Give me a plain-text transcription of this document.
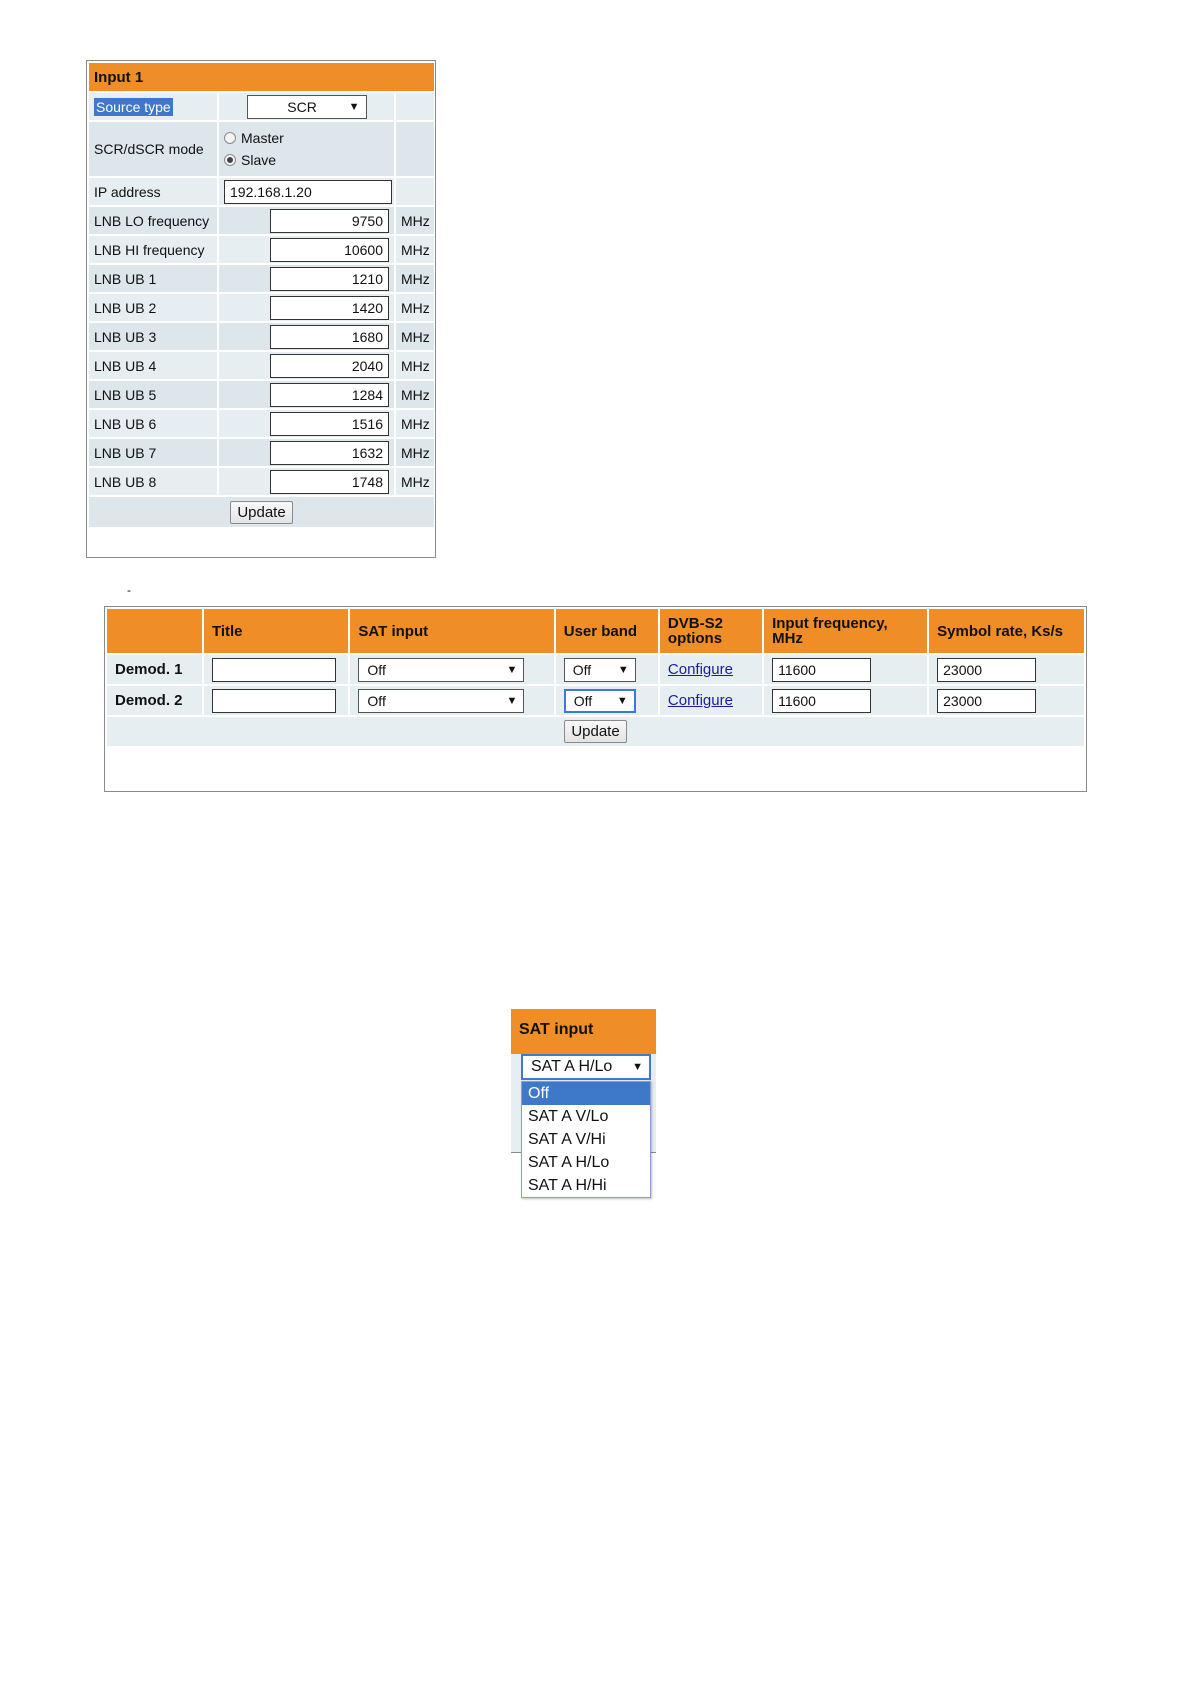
Input 1		
Source type	SCR ▼	

SCR/dSCR mode	Master
Slave	

IP address	192.168.1.20	
LNB LO frequency	9750	MHz
LNB HI frequency	10600	MHz
LNB UB 1	1210	MHz
LNB UB 2	1420	MHz
LNB UB 3	1680	MHz
LNB UB 4	2040	MHz
LNB UB 5	1284	MHz
LNB UB 6	1516	MHz
LNB UB 7	1632	MHz
LNB UB 8	1748	MHz
Update		
-
	Title	SAT input	User band	DVB-S2 options	Input frequency, MHz	Symbol rate, Ks/s
Demod. 1		Off ▼	Off ▼	Configure	11600	23000
Demod. 2		Off ▼	Off ▼	Configure	11600	23000
Update						
SAT input
SAT A H/Lo ▼
Off
SAT A V/Lo
SAT A V/Hi
SAT A H/Lo
SAT A H/Hi
